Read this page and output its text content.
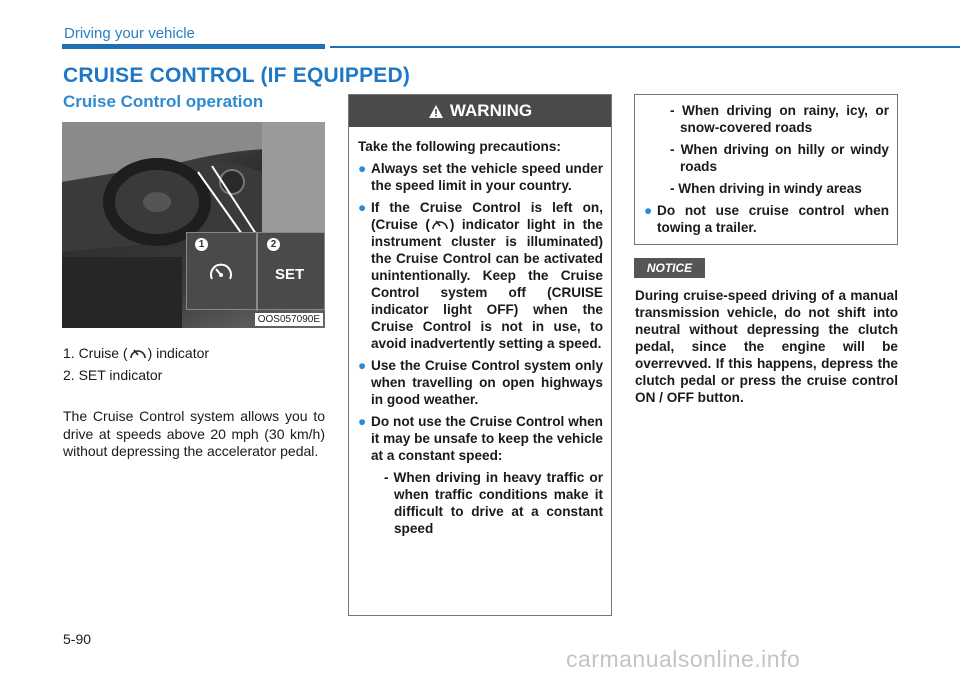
Driving your vehicle
CRUISE CONTROL (IF EQUIPPED)
Cruise Control operation
1	2
SET
OOS057090E
1. Cruise ( ) indicator
2. SET indicator
The Cruise Control system allows you to drive at speeds above 20 mph (30 km/h) without depressing the accelerator pedal.
WARNING

Take the following precautions:

● Always set the vehicle speed under the speed limit in your country.
● If the Cruise Control is left on, (Cruise ( ) indicator light in the instrument cluster is illuminated) the Cruise Control can be activated unintentionally. Keep the Cruise Control system off (CRUISE indicator light OFF) when the Cruise Control is not in use, to avoid inadvertently setting a speed.
● Use the Cruise Control system only when travelling on open highways in good weather.
● Do not use the Cruise Control when it may be unsafe to keep the vehicle at a constant speed:
- When driving in heavy traffic or when traffic conditions make it difficult to drive at a constant speed
- When driving on rainy, icy, or snow-covered roads
- When driving on hilly or windy roads
- When driving in windy areas
● Do not use cruise control when towing a trailer.
NOTICE
During cruise-speed driving of a manual transmission vehicle, do not shift into neutral without depressing the clutch pedal, since the engine will be overrevved. If this happens, depress the clutch pedal or press the cruise control ON / OFF button.
5-90
carmanualsonline.info
